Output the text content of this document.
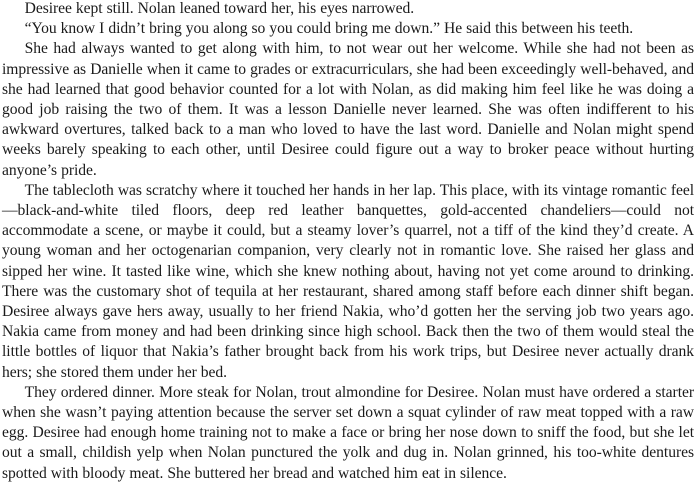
Desiree kept still. Nolan leaned toward her, his eyes narrowed.

“You know I didn’t bring you along so you could bring me down.” He said this between his teeth.

She had always wanted to get along with him, to not wear out her welcome. While she had not been as impressive as Danielle when it came to grades or extracurriculars, she had been exceedingly well-behaved, and she had learned that good behavior counted for a lot with Nolan, as did making him feel like he was doing a good job raising the two of them. It was a lesson Danielle never learned. She was often indifferent to his awkward overtures, talked back to a man who loved to have the last word. Danielle and Nolan might spend weeks barely speaking to each other, until Desiree could figure out a way to broker peace without hurting anyone’s pride.

The tablecloth was scratchy where it touched her hands in her lap. This place, with its vintage romantic feel—black-and-white tiled floors, deep red leather banquettes, gold-accented chandeliers—could not accommodate a scene, or maybe it could, but a steamy lover’s quarrel, not a tiff of the kind they’d create. A young woman and her octogenarian companion, very clearly not in romantic love. She raised her glass and sipped her wine. It tasted like wine, which she knew nothing about, having not yet come around to drinking. There was the customary shot of tequila at her restaurant, shared among staff before each dinner shift began. Desiree always gave hers away, usually to her friend Nakia, who’d gotten her the serving job two years ago. Nakia came from money and had been drinking since high school. Back then the two of them would steal the little bottles of liquor that Nakia’s father brought back from his work trips, but Desiree never actually drank hers; she stored them under her bed.

They ordered dinner. More steak for Nolan, trout almondine for Desiree. Nolan must have ordered a starter when she wasn’t paying attention because the server set down a squat cylinder of raw meat topped with a raw egg. Desiree had enough home training not to make a face or bring her nose down to sniff the food, but she let out a small, childish yelp when Nolan punctured the yolk and dug in. Nolan grinned, his too-white dentures spotted with bloody meat. She buttered her bread and watched him eat in silence.
